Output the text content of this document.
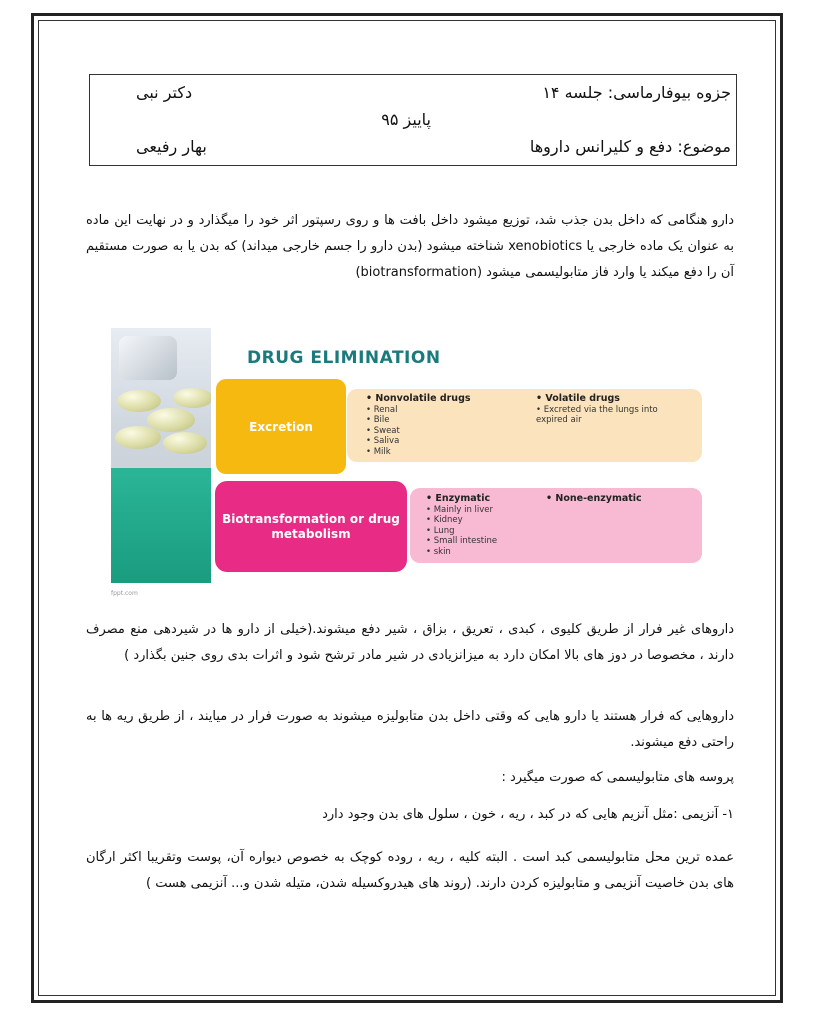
جزوه بیوفارماسی: جلسه ۱۴
دکتر نبی
پاییز ۹۵
موضوع: دفع و کلیرانس داروها
بهار رفیعی

دارو هنگامی که داخل بدن جذب شد، توزیع میشود داخل بافت ها و روی رسپتور اثر خود را میگذارد و در نهایت این ماده به عنوان یک ماده خارجی یا xenobiotics شناخته میشود (بدن دارو را جسم خارجی میداند) که بدن یا به صورت مستقیم آن را دفع میکند یا وارد فاز متابولیسمی میشود (biotransformation)

DRUG ELIMINATION
Excretion
• Nonvolatile drugs
• Renal
• Bile
• Sweat
• Saliva
• Milk
• Volatile drugs
• Excreted via the lungs into expired air
Biotransformation or drug metabolism
• Enzymatic
• Mainly in liver
• Kidney
• Lung
• Small intestine
• skin
• None-enzymatic
fppt.com

داروهای غیر فرار از طریق کلیوی ، کبدی ، تعریق ، بزاق ، شیر دفع میشوند.(خیلی از دارو ها در شیردهی منع مصرف دارند ، مخصوصا در دوز های بالا امکان دارد به میزانزیادی در شیر مادر ترشح شود و اثرات بدی روی جنین بگذارد )

داروهایی که فرار هستند یا دارو هایی که وقتی داخل بدن متابولیزه میشوند به صورت فرار در میایند ، از طریق ریه ها به راحتی دفع میشوند.

پروسه های متابولیسمی که صورت میگیرد :

۱- آنزیمی :مثل آنزیم هایی که در کبد ، ریه ، خون ، سلول های بدن وجود دارد

عمده ترین محل متابولیسمی کبد است . البته کلیه ، ریه ، روده کوچک به خصوص دیواره آن، پوست وتقریبا اکثر ارگان های بدن خاصیت آنزیمی و متابولیزه کردن دارند. (روند های هیدروکسیله شدن، متیله شدن و... آنزیمی هست )
